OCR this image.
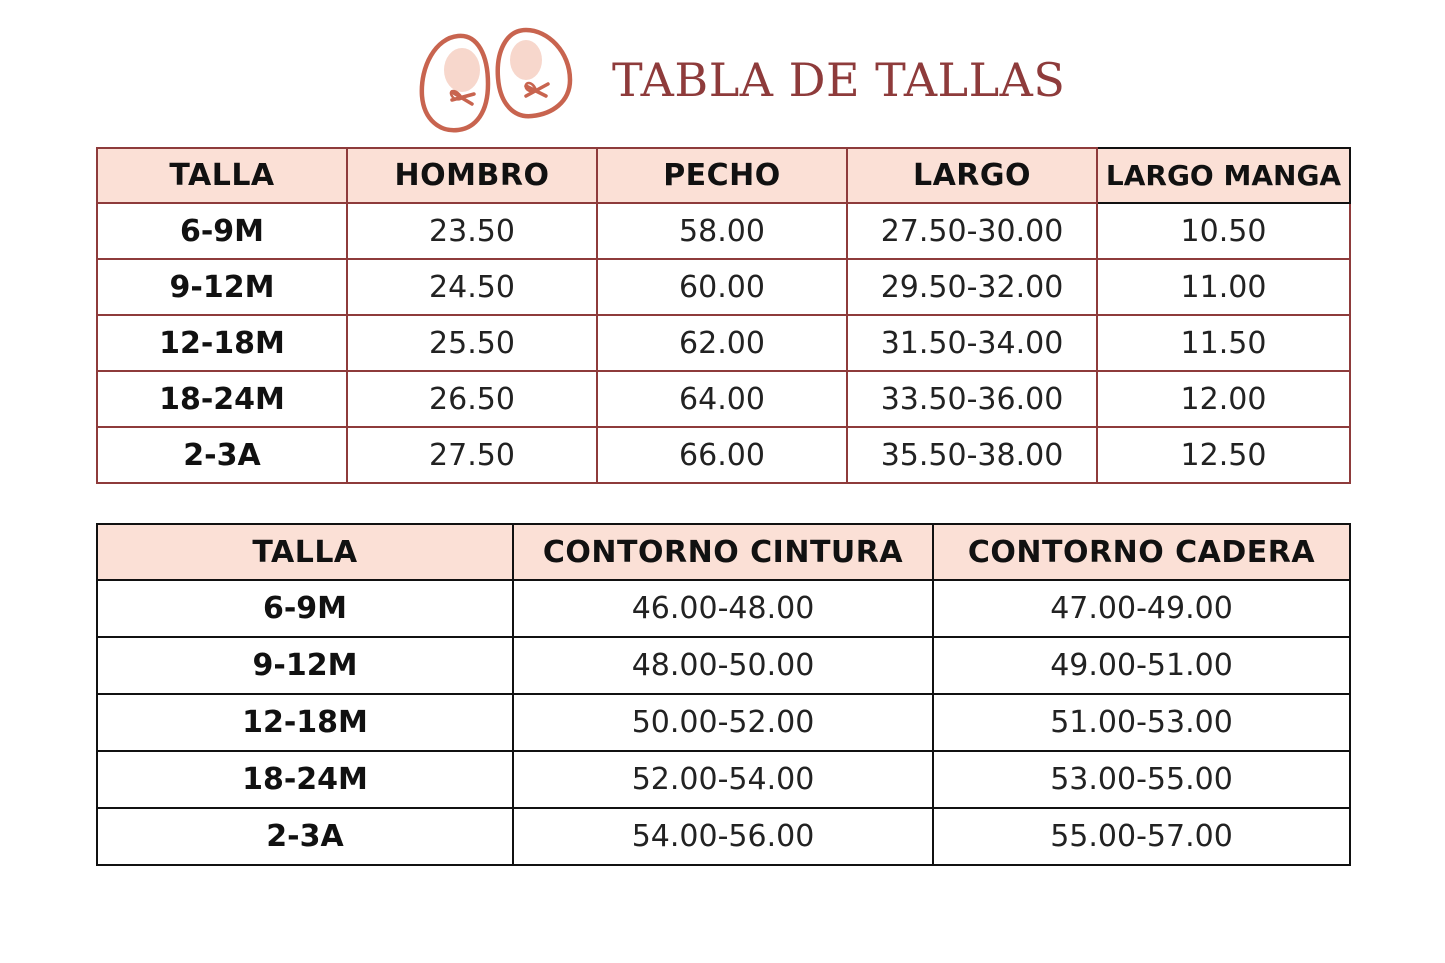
TABLA DE TALLAS
TALLA	HOMBRO	PECHO	LARGO	LARGO MANGA
6-9M	23.50	58.00	27.50-30.00	10.50
9-12M	24.50	60.00	29.50-32.00	11.00
12-18M	25.50	62.00	31.50-34.00	11.50
18-24M	26.50	64.00	33.50-36.00	12.00
2-3A	27.50	66.00	35.50-38.00	12.50
TALLA	CONTORNO CINTURA	CONTORNO CADERA
6-9M	46.00-48.00	47.00-49.00
9-12M	48.00-50.00	49.00-51.00
12-18M	50.00-52.00	51.00-53.00
18-24M	52.00-54.00	53.00-55.00
2-3A	54.00-56.00	55.00-57.00
